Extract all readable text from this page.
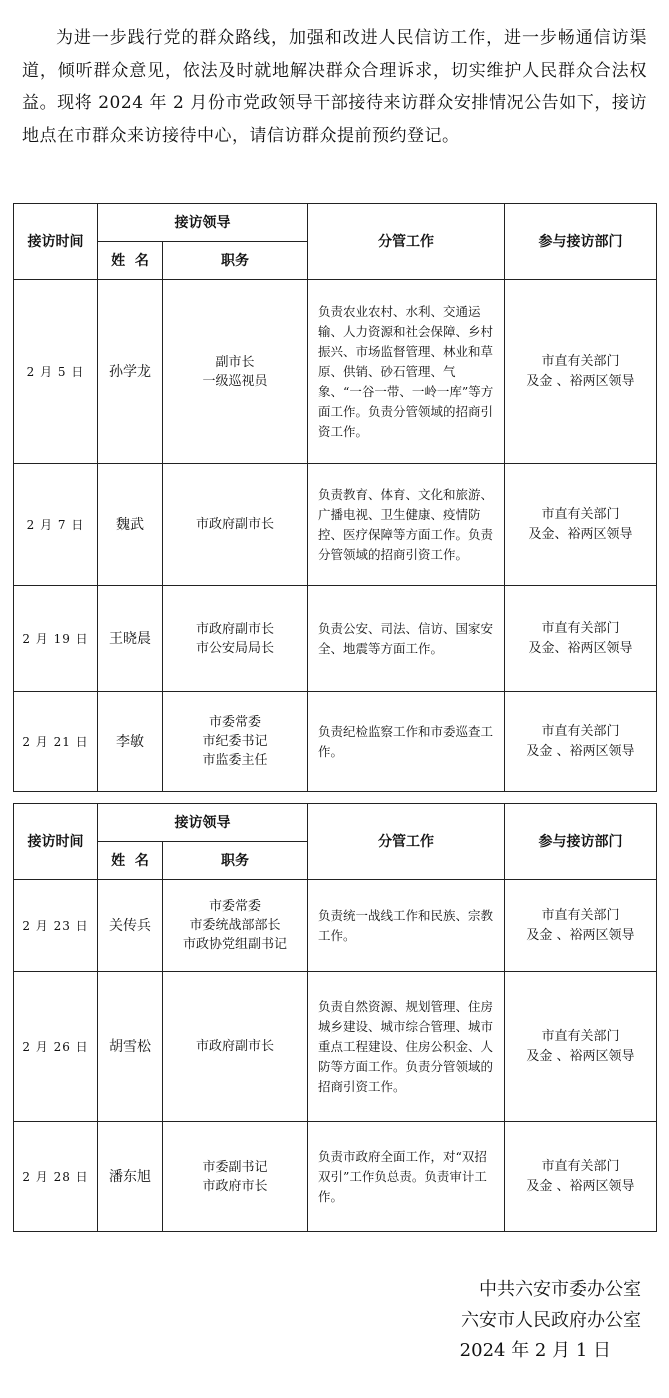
为进一步践行党的群众路线，加强和改进人民信访工作，进一步畅通信访渠道，倾听群众意见，依法及时就地解决群众合理诉求，切实维护人民群众合法权益。现将 2024 年 2 月份市党政领导干部接待来访群众安排情况公告如下，接访地点在市群众来访接待中心，请信访群众提前预约登记。

接访时间	接访领导		分管工作	参与接访部门
	姓  名	职务		
2 月 5 日	孙学龙	副市长
一级巡视员	负责农业农村、水利、交通运输、人力资源和社会保障、乡村振兴、市场监督管理、林业和草原、供销、砂石管理、气象、“一谷一带、一岭一库”等方面工作。负责分管领域的招商引资工作。	市直有关部门
及金 、裕两区领导
2 月 7 日	魏武	市政府副市长	负责教育、体育、文化和旅游、广播电视、卫生健康、疫情防控、医疗保障等方面工作。负责分管领域的招商引资工作。	市直有关部门
及金、裕两区领导
2 月 19 日	王晓晨	市政府副市长
市公安局局长	负责公安、司法、信访、国家安全、地震等方面工作。	市直有关部门
及金、裕两区领导
2 月 21 日	李敏	市委常委
市纪委书记
市监委主任	负责纪检监察工作和市委巡查工作。	市直有关部门
及金 、裕两区领导
接访时间	接访领导		分管工作	参与接访部门
	姓  名	职务		
2 月 23 日	关传兵	市委常委
市委统战部部长
市政协党组副书记	负责统一战线工作和民族、宗教工作。	市直有关部门
及金 、裕两区领导
2 月 26 日	胡雪松	市政府副市长	负责自然资源、规划管理、住房城乡建设、城市综合管理、城市重点工程建设、住房公积金、人防等方面工作。负责分管领域的招商引资工作。	市直有关部门
及金 、裕两区领导
2 月 28 日	潘东旭	市委副书记
市政府市长	负责市政府全面工作，对“双招双引”工作负总责。负责审计工作。	市直有关部门
及金 、裕两区领导
中共六安市委办公室
六安市人民政府办公室
2024 年 2 月 1 日
